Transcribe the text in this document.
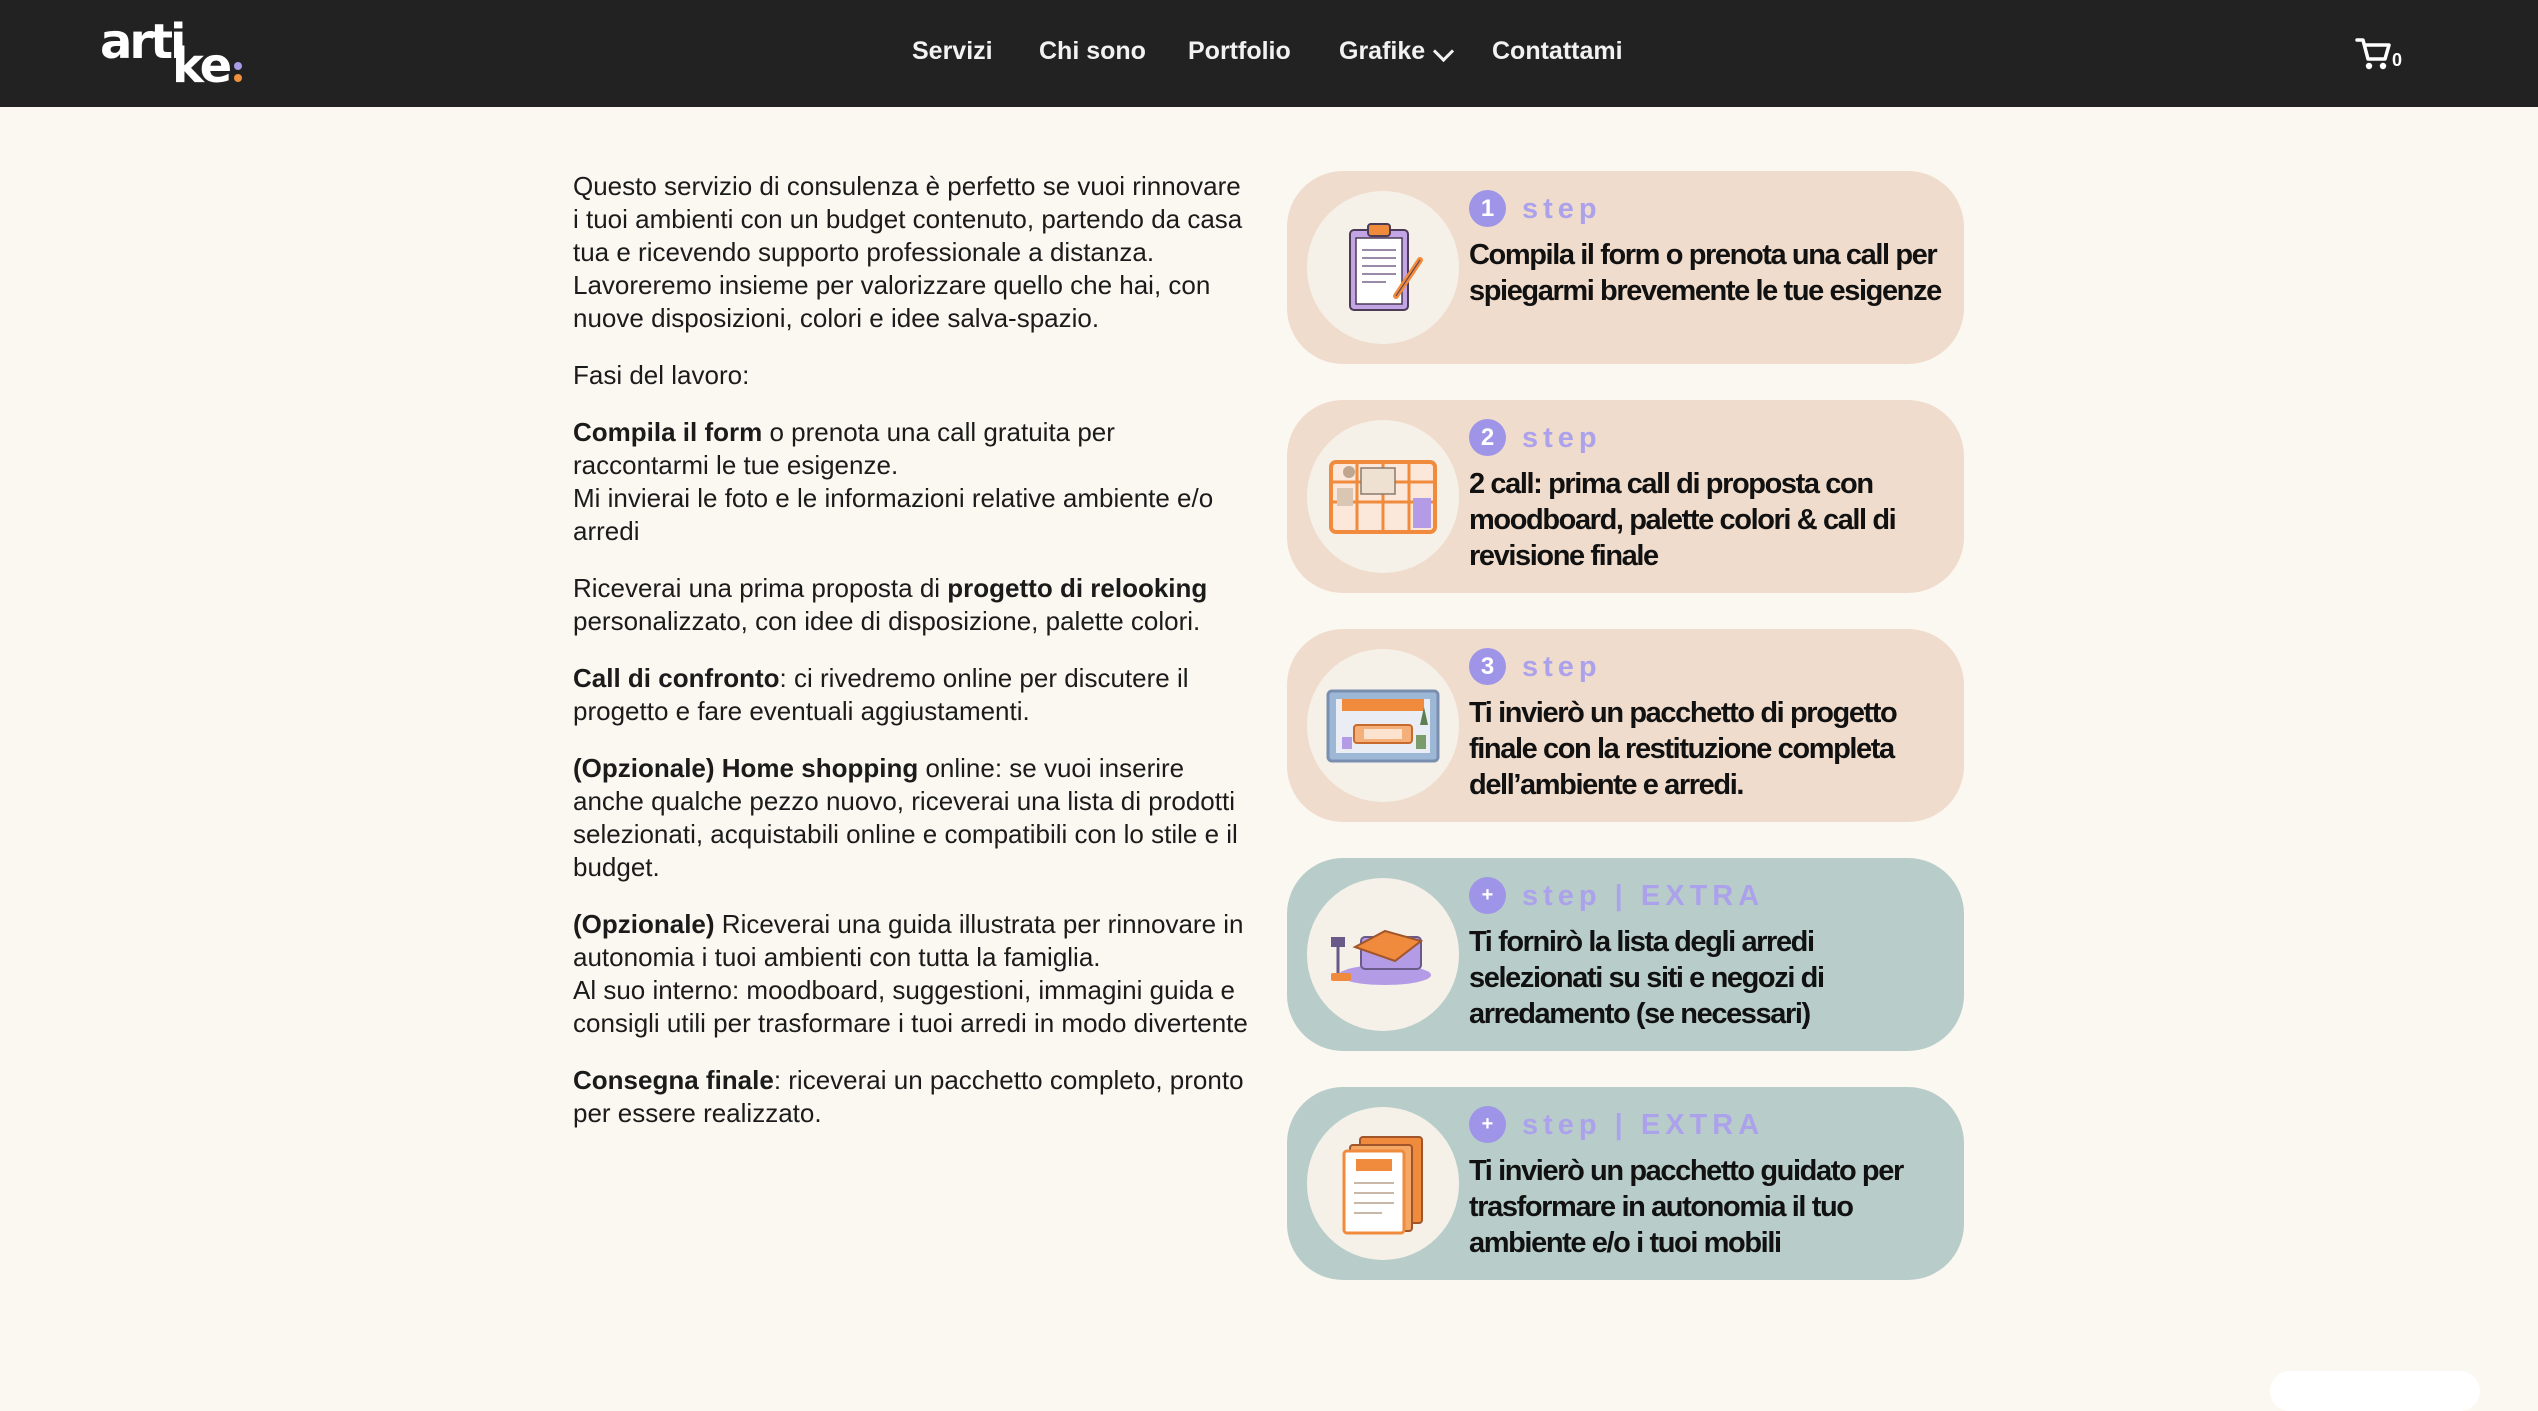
arti
ke	Servizi Chi sono Portfolio Grafike	Contattami	0

Questo servizio di consulenza è perfetto se vuoi rinnovare i tuoi ambienti con un budget contenuto, partendo da casa tua e ricevendo supporto professionale a distanza.
Lavoreremo insieme per valorizzare quello che hai, con nuove disposizioni, colori e idee salva-spazio.

Fasi del lavoro:

Compila il form o prenota una call gratuita per raccontarmi le tue esigenze.
Mi invierai le foto e le informazioni relative ambiente e/o arredi

Riceverai una prima proposta di progetto di relooking personalizzato, con idee di disposizione, palette colori.

Call di confronto: ci rivedremo online per discutere il progetto e fare eventuali aggiustamenti.

(Opzionale) Home shopping online: se vuoi inserire anche qualche pezzo nuovo, riceverai una lista di prodotti selezionati, acquistabili online e compatibili con lo stile e il budget.

(Opzionale) Riceverai una guida illustrata per rinnovare in autonomia i tuoi ambienti con tutta la famiglia.
Al suo interno: moodboard, suggestioni, immagini guida e consigli utili per trasformare i tuoi arredi in modo divertente

Consegna finale: riceverai un pacchetto completo, pronto per essere realizzato.

1 step
Compila il form o prenota una call per spiegarmi brevemente le tue esigenze
2 step
2 call: prima call di proposta con moodboard, palette colori & call di revisione finale
3 step
Ti invierò un pacchetto di progetto finale con la restituzione completa dell’ambiente e arredi.
+ step | EXTRA
Ti fornirò la lista degli arredi selezionati su siti e negozi di arredamento (se necessari)
+ step | EXTRA
Ti invierò un pacchetto guidato per trasformare in autonomia il tuo ambiente e/o i tuoi mobili
